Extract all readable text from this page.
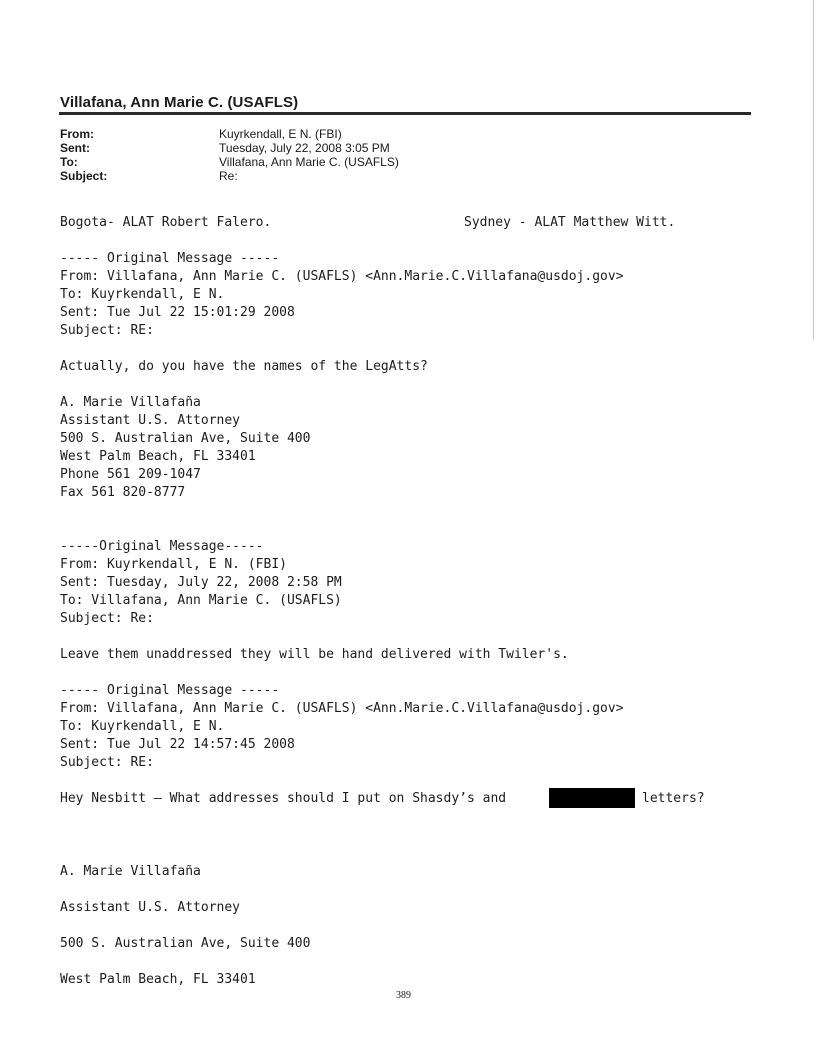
Villafana, Ann Marie C. (USAFLS)
From:	Kuyrkendall, E N. (FBI)
Sent:	Tuesday, July 22, 2008 3:05 PM
To:	Villafana, Ann Marie C. (USAFLS)
Subject:	Re:
Bogota- ALAT Robert Falero.	Sydney - ALAT Matthew Witt.
----- Original Message -----
From: Villafana, Ann Marie C. (USAFLS) <Ann.Marie.C.Villafana@usdoj.gov>
To: Kuyrkendall, E N.
Sent: Tue Jul 22 15:01:29 2008
Subject: RE:
Actually, do you have the names of the LegAtts?
A. Marie Villafaña
Assistant U.S. Attorney
500 S. Australian Ave, Suite 400
West Palm Beach, FL 33401
Phone 561 209-1047
Fax 561 820-8777
-----Original Message-----
From: Kuyrkendall, E N. (FBI)
Sent: Tuesday, July 22, 2008 2:58 PM
To: Villafana, Ann Marie C. (USAFLS)
Subject: Re:
Leave them unaddressed they will be hand delivered with Twiler's.
----- Original Message -----
From: Villafana, Ann Marie C. (USAFLS) <Ann.Marie.C.Villafana@usdoj.gov>
To: Kuyrkendall, E N.
Sent: Tue Jul 22 14:57:45 2008
Subject: RE:
Hey Nesbitt – What addresses should I put on Shasdy’s and	letters?
A. Marie Villafaña
Assistant U.S. Attorney
500 S. Australian Ave, Suite 400
West Palm Beach, FL 33401
389
